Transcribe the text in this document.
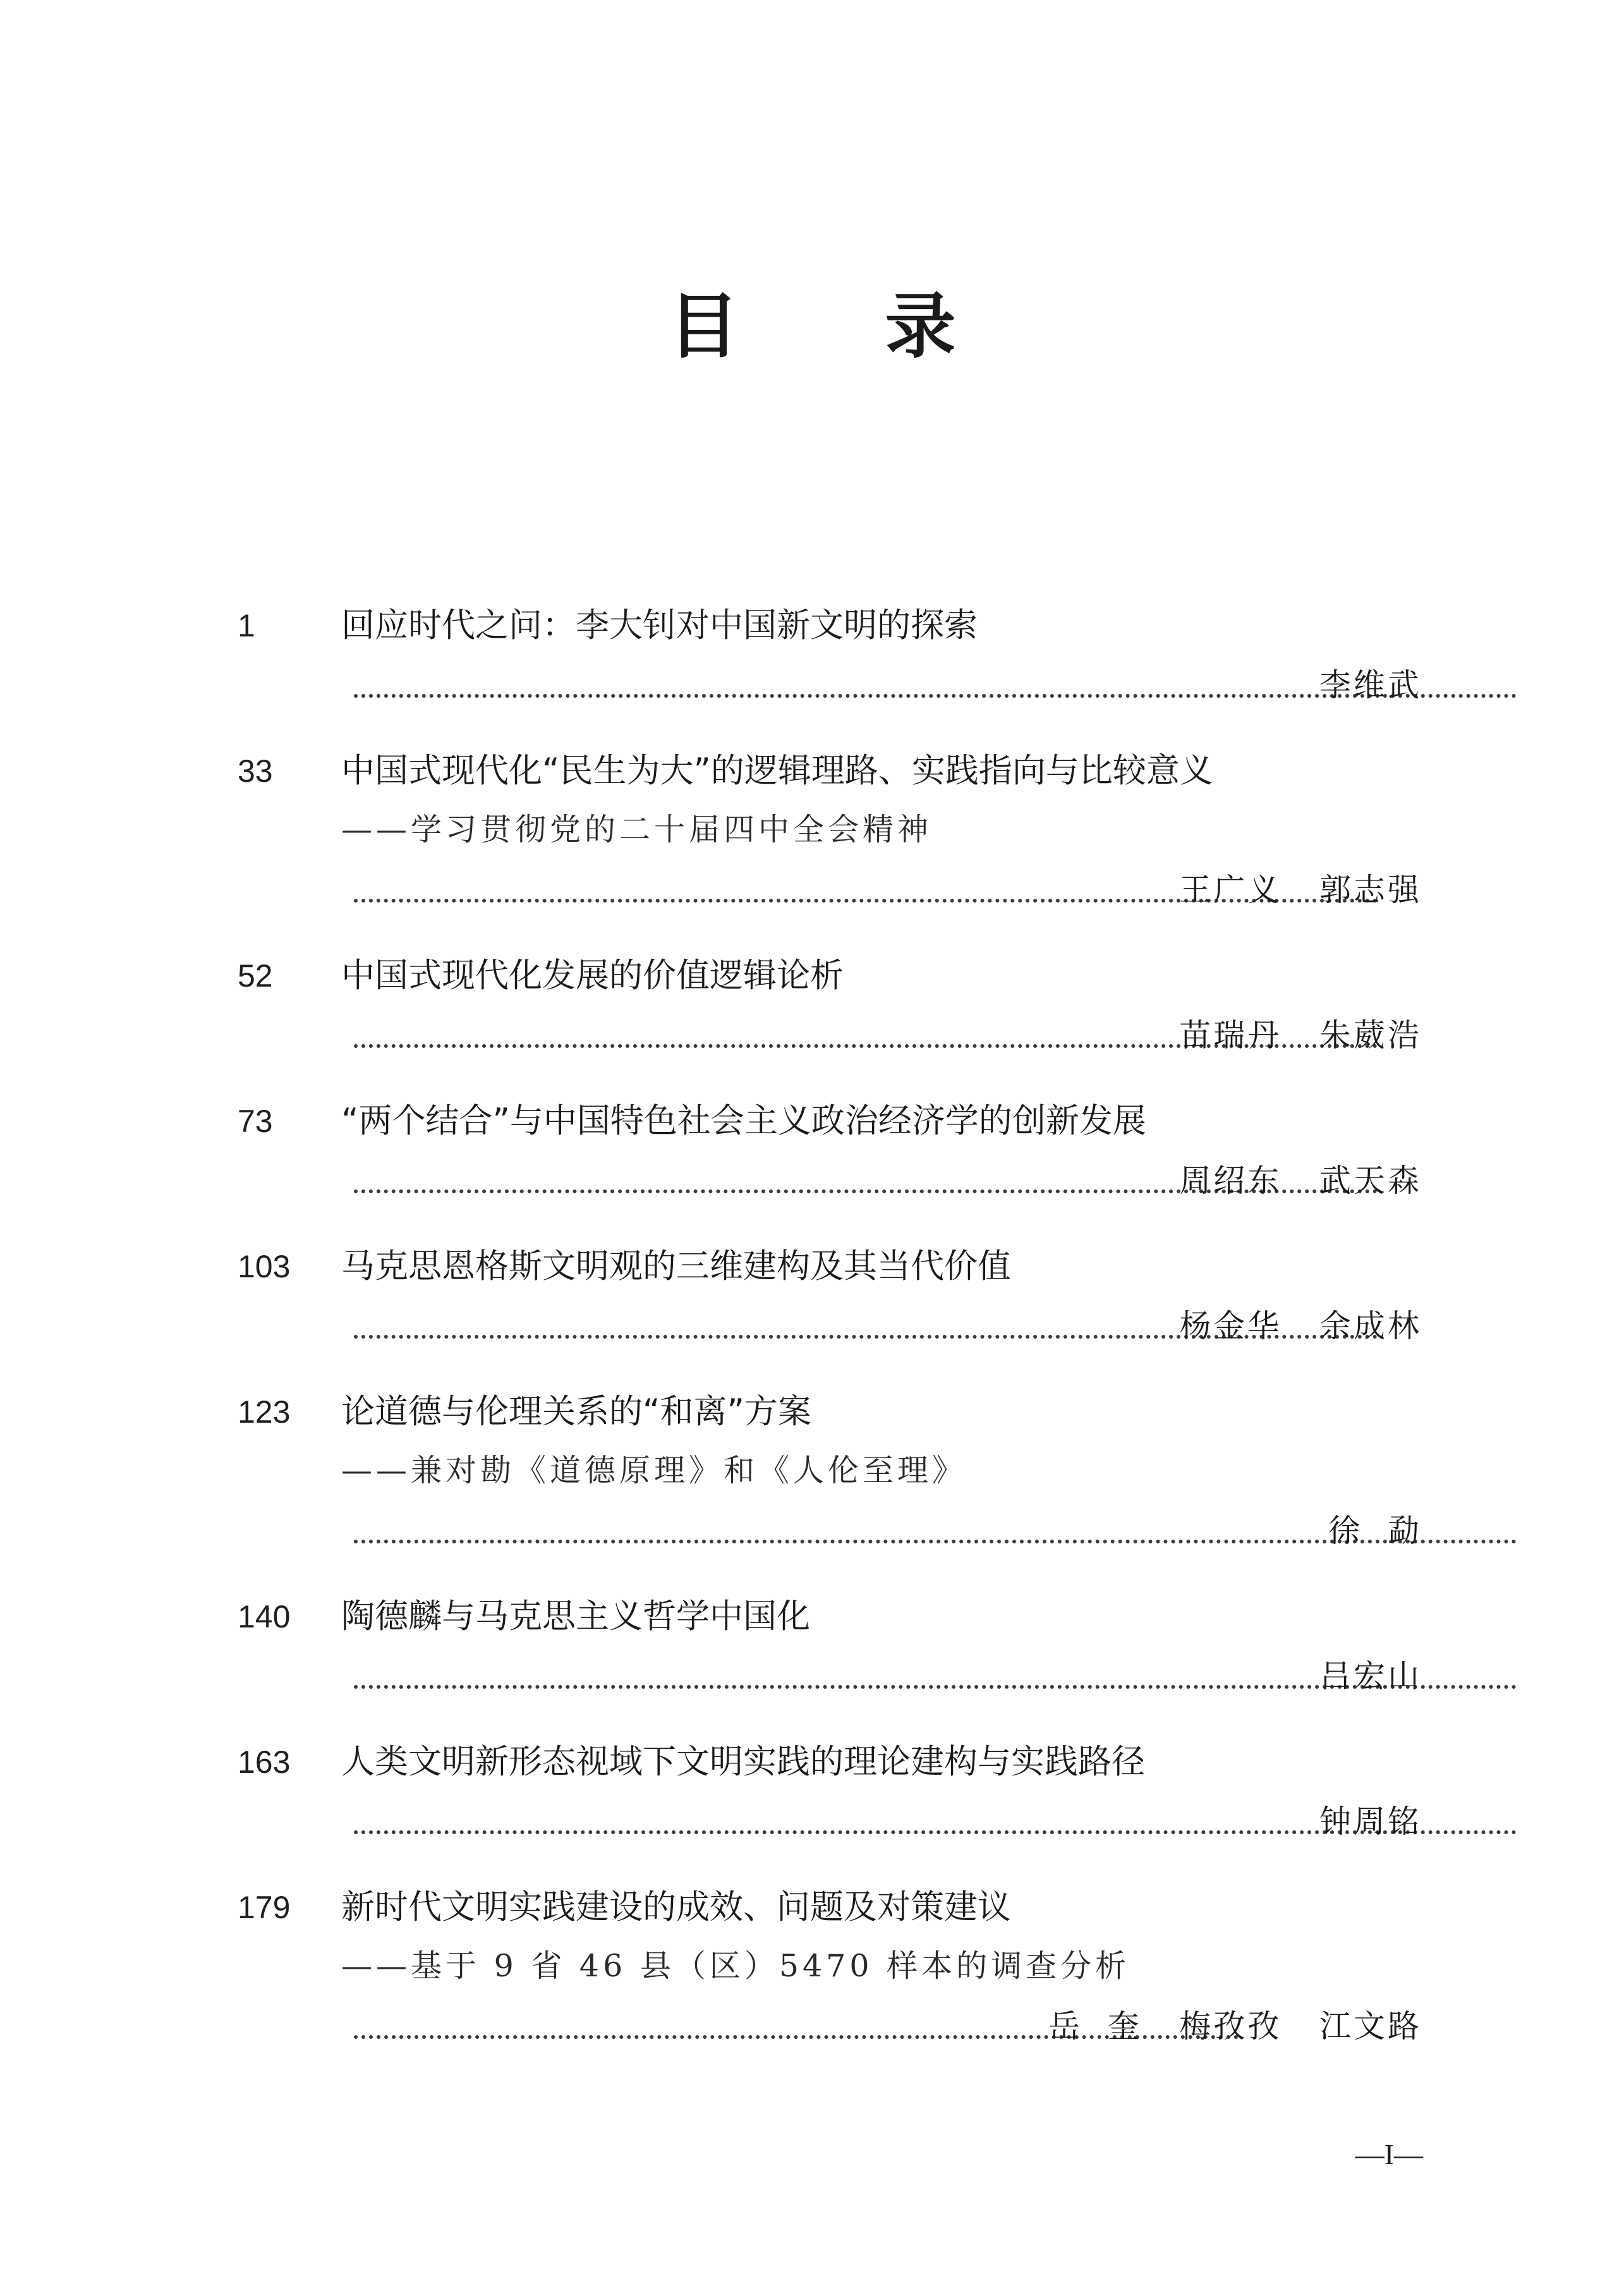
目 录
1	回应时代之问：李大钊对中国新文明的探索
李维武
33 中国式现代化“民生为大”的逻辑理路、实践指向与比较意义
——学习贯彻党的二十届四中全会精神
王广义   郭志强
52 中国式现代化发展的价值逻辑论析
苗瑞丹   朱葳浩
73 “两个结合”与中国特色社会主义政治经济学的创新发展
周绍东   武天森
103 马克思恩格斯文明观的三维建构及其当代价值
杨金华   余成林
123 论道德与伦理关系的“和离”方案
——兼对勘《道德原理》和《人伦至理》
徐  勐
140 陶德麟与马克思主义哲学中国化
吕宏山
163 人类文明新形态视域下文明实践的理论建构与实践路径
钟周铭
179 新时代文明实践建设的成效、问题及对策建议
——基于 9 省 46 县（区）5470 样本的调查分析
岳  奎   梅孜孜   江文路
—I—
